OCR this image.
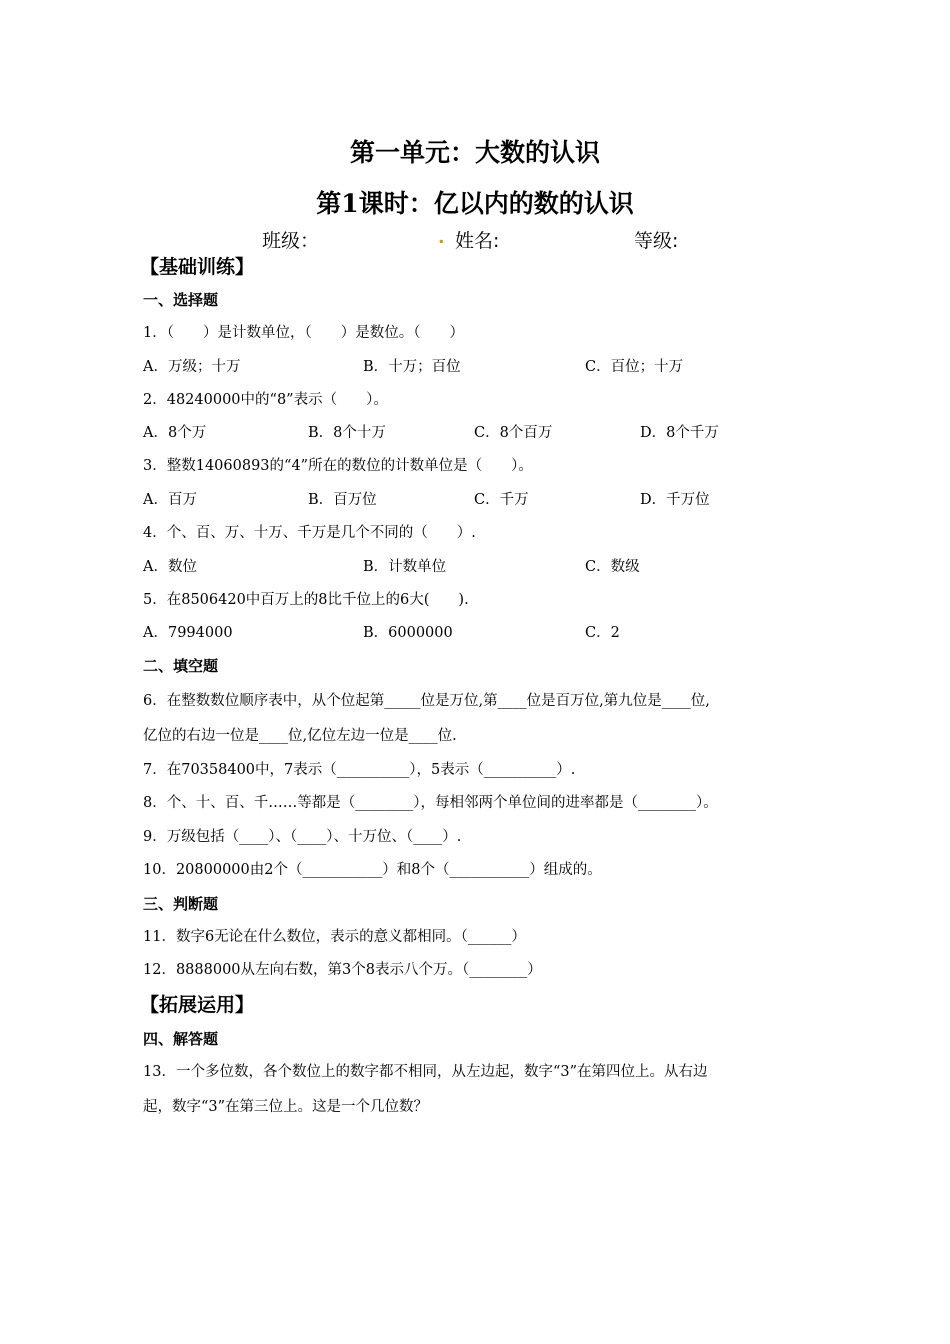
第一单元：大数的认识
第1课时：亿以内的数的认识
班级：	. 姓名:	等级:
【基础训练】
一、选择题
1．（　　）是计数单位，（　　）是数位。（　　）
A．万级；十万	B．十万；百位	C．百位；十万
2．48240000中的“8”表示（　　）。
A．8个万	B．8个十万	C．8个百万	D．8个千万
3．整数14060893的“4”所在的数位的计数单位是（　　）。
A．百万	B．百万位	C．千万	D．千万位
4．个、百、万、十万、千万是几个不同的（　　）.
A．数位	B．计数单位	C．数级
5．在8506420中百万上的8比千位上的6大(　　).
A．7994000	B．6000000	C．2
二、填空题
6．在整数数位顺序表中，从个位起第_____位是万位,第____位是百万位,第九位是____位,
亿位的右边一位是____位,亿位左边一位是____位.
7．在70358400中，7表示（__________），5表示（__________）.
8．个、十、百、千……等都是（________），每相邻两个单位间的进率都是（________）。
9．万级包括（____）、（____）、十万位、（____）.
10．20800000由2个（___________）和8个（___________）组成的。
三、判断题
11．数字6无论在什么数位，表示的意义都相同。（______）
12．8888000从左向右数，第3个8表示八个万。（________）
【拓展运用】
四、解答题
13．一个多位数，各个数位上的数字都不相同，从左边起，数字“3”在第四位上。从右边
起，数字“3”在第三位上。这是一个几位数？
